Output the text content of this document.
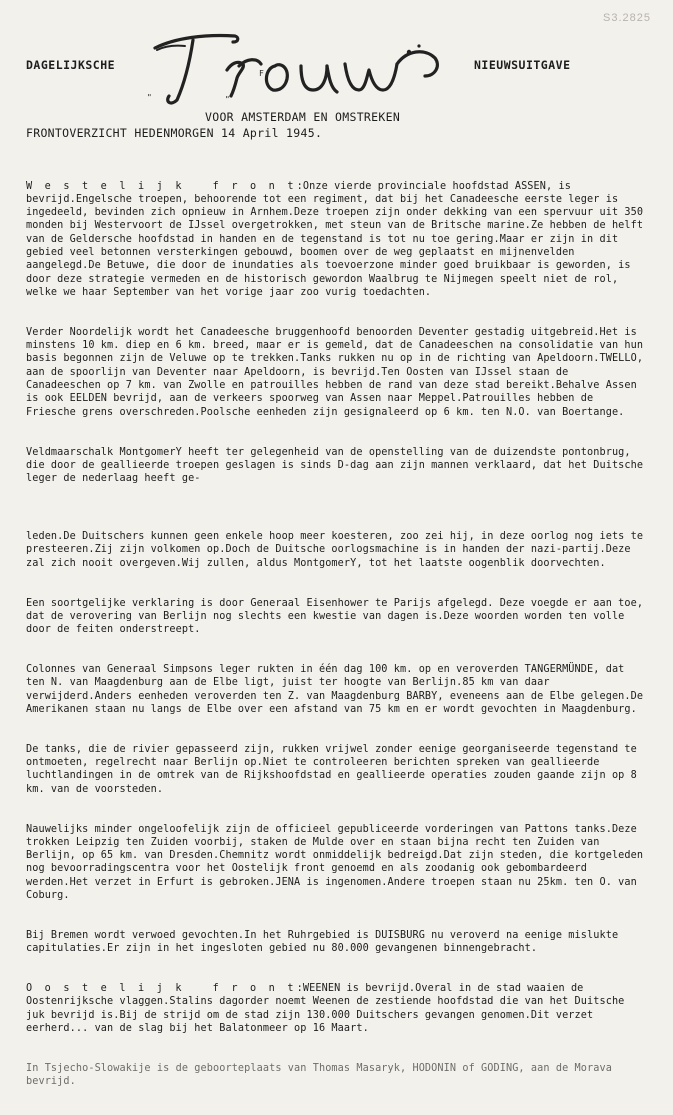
S3.2825
DAGELIJKSCHE
"	"
F
NIEUWSUITGAVE
VOOR AMSTERDAM EN OMSTREKEN
FRONTOVERZICHT HEDENMORGEN 14 April 1945.

W e s t e l i j k   f r o n t:Onze vierde provinciale hoofdstad ASSEN, is bevrijd.Engelsche troepen, behoorende tot een regiment, dat bij het Canadeesche eerste leger is ingedeeld, bevinden zich opnieuw in Arnhem.Deze troepen zijn onder dekking van een spervuur uit 350 monden bij Westervoort de IJssel overgetrokken, met steun van de Britsche marine.Ze hebben de helft van de Geldersche hoofdstad in handen en de tegenstand is tot nu toe gering.Maar er zijn in dit gebied veel betonnen versterkingen gebouwd, boomen over de weg geplaatst en mijnenvelden aangelegd.De Betuwe, die door de inundaties als toevoerzone minder goed bruikbaar is geworden, is door deze strategie vermeden en de historisch gewordon Waalbrug te Nijmegen speelt niet de rol, welke we haar September van het vorige jaar zoo vurig toedachten.

Verder Noordelijk wordt het Canadeesche bruggenhoofd benoorden Deventer gestadig uitgebreid.Het is minstens 10 km. diep en 6 km. breed, maar er is gemeld, dat de Canadeeschen na consolidatie van hun basis begonnen zijn de Veluwe op te trekken.Tanks rukken nu op in de richting van Apeldoorn.TWELLO, aan de spoorlijn van Deventer naar Apeldoorn, is bevrijd.Ten Oosten van IJssel staan de Canadeeschen op 7 km. van Zwolle en patrouilles hebben de rand van deze stad bereikt.Behalve Assen is ook EELDEN bevrijd, aan de verkeers spoorweg van Assen naar Meppel.Patrouilles hebben de Friesche grens overschreden.Poolsche eenheden zijn gesignaleerd op 6 km. ten N.O. van Boertange.

Veldmaarschalk MontgomerY heeft ter gelegenheid van de openstelling van de duizendste pontonbrug, die door de geallieerde troepen geslagen is sinds D-dag aan zijn mannen verklaard, dat het Duitsche leger de nederlaag heeft ge-

leden.De Duitschers kunnen geen enkele hoop meer koesteren, zoo zei hij, in deze oorlog nog iets te presteeren.Zij zijn volkomen op.Doch de Duitsche oorlogsmachine is in handen der nazi-partij.Deze zal zich nooit overgeven.Wij zullen, aldus MontgomerY, tot het laatste oogenblik doorvechten.

Een soortgelijke verklaring is door Generaal Eisenhower te Parijs afgelegd. Deze voegde er aan toe, dat de verovering van Berlijn nog slechts een kwestie van dagen is.Deze woorden worden ten volle door de feiten onderstreept.

Colonnes van Generaal Simpsons leger rukten in één dag 100 km. op en veroverden TANGERMÜNDE, dat ten N. van Maagdenburg aan de Elbe ligt, juist ter hoogte van Berlijn.85 km van daar verwijderd.Anders eenheden veroverden ten Z. van Maagdenburg BARBY, eveneens aan de Elbe gelegen.De Amerikanen staan nu langs de Elbe over een afstand van 75 km en er wordt gevochten in Maagdenburg.

De tanks, die de rivier gepasseerd zijn, rukken vrijwel zonder eenige georganiseerde tegenstand te ontmoeten, regelrecht naar Berlijn op.Niet te controleeren berichten spreken van geallieerde luchtlandingen in de omtrek van de Rijkshoofdstad en geallieerde operaties zouden gaande zijn op 8 km. van de voorsteden.

Nauwelijks minder ongeloofelijk zijn de officieel gepubliceerde vorderingen van Pattons tanks.Deze trokken Leipzig ten Zuiden voorbij, staken de Mulde over en staan bijna recht ten Zuiden van Berlijn, op 65 km. van Dresden.Chemnitz wordt onmiddelijk bedreigd.Dat zijn steden, die kortgeleden nog bevoorradingscentra voor het Oostelijk front genoemd en als zoodanig ook gebombardeerd werden.Het verzet in Erfurt is gebroken.JENA is ingenomen.Andere troepen staan nu 25km. ten O. van Coburg.

Bij Bremen wordt verwoed gevochten.In het Ruhrgebied is DUISBURG nu veroverd na eenige mislukte capitulaties.Er zijn in het ingesloten gebied nu 80.000 gevangenen binnengebracht.

O o s t e l i j k   f r o n t:WEENEN is bevrijd.Overal in de stad waaien de Oostenrijksche vlaggen.Stalins dagorder noemt Weenen de zestiende hoofdstad die van het Duitsche juk bevrijd is.Bij de strijd om de stad zijn 130.000 Duitschers gevangen genomen.Dit verzet eerherd... van de slag bij het Balatonmeer op 16 Maart.

In Tsjecho-Slowakije is de geboorteplaats van Thomas Masaryk, HODONIN of GODING, aan de Morava bevrijd.
